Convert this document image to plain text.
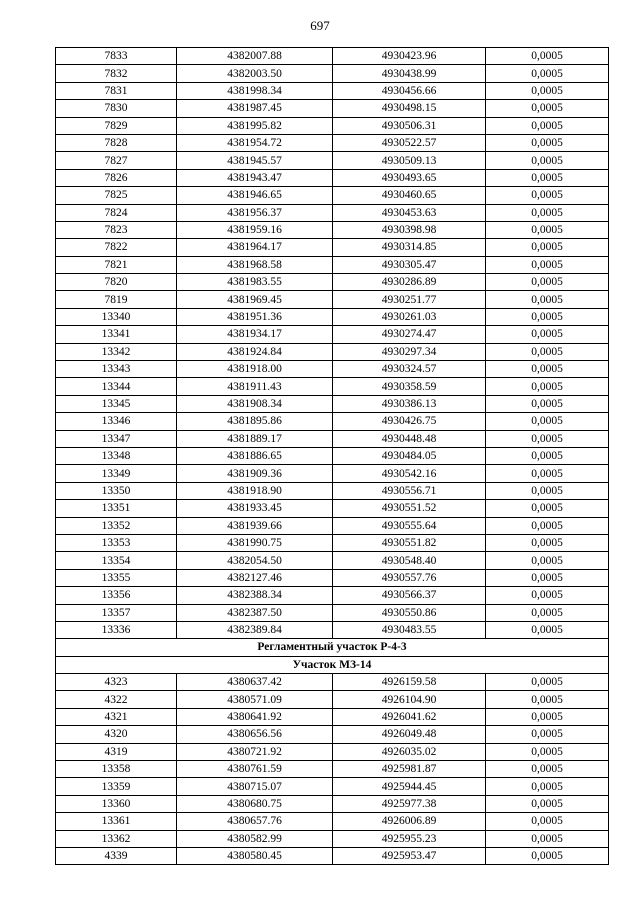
697
7833	4382007.88	4930423.96	0,0005
7832	4382003.50	4930438.99	0,0005
7831	4381998.34	4930456.66	0,0005
7830	4381987.45	4930498.15	0,0005
7829	4381995.82	4930506.31	0,0005
7828	4381954.72	4930522.57	0,0005
7827	4381945.57	4930509.13	0,0005
7826	4381943.47	4930493.65	0,0005
7825	4381946.65	4930460.65	0,0005
7824	4381956.37	4930453.63	0,0005
7823	4381959.16	4930398.98	0,0005
7822	4381964.17	4930314.85	0,0005
7821	4381968.58	4930305.47	0,0005
7820	4381983.55	4930286.89	0,0005
7819	4381969.45	4930251.77	0,0005
13340	4381951.36	4930261.03	0,0005
13341	4381934.17	4930274.47	0,0005
13342	4381924.84	4930297.34	0,0005
13343	4381918.00	4930324.57	0,0005
13344	4381911.43	4930358.59	0,0005
13345	4381908.34	4930386.13	0,0005
13346	4381895.86	4930426.75	0,0005
13347	4381889.17	4930448.48	0,0005
13348	4381886.65	4930484.05	0,0005
13349	4381909.36	4930542.16	0,0005
13350	4381918.90	4930556.71	0,0005
13351	4381933.45	4930551.52	0,0005
13352	4381939.66	4930555.64	0,0005
13353	4381990.75	4930551.82	0,0005
13354	4382054.50	4930548.40	0,0005
13355	4382127.46	4930557.76	0,0005
13356	4382388.34	4930566.37	0,0005
13357	4382387.50	4930550.86	0,0005
13336	4382389.84	4930483.55	0,0005
Регламентный участок Р-4-3			
Участок МЗ-14			
4323	4380637.42	4926159.58	0,0005
4322	4380571.09	4926104.90	0,0005
4321	4380641.92	4926041.62	0,0005
4320	4380656.56	4926049.48	0,0005
4319	4380721.92	4926035.02	0,0005
13358	4380761.59	4925981.87	0,0005
13359	4380715.07	4925944.45	0,0005
13360	4380680.75	4925977.38	0,0005
13361	4380657.76	4926006.89	0,0005
13362	4380582.99	4925955.23	0,0005
4339	4380580.45	4925953.47	0,0005
